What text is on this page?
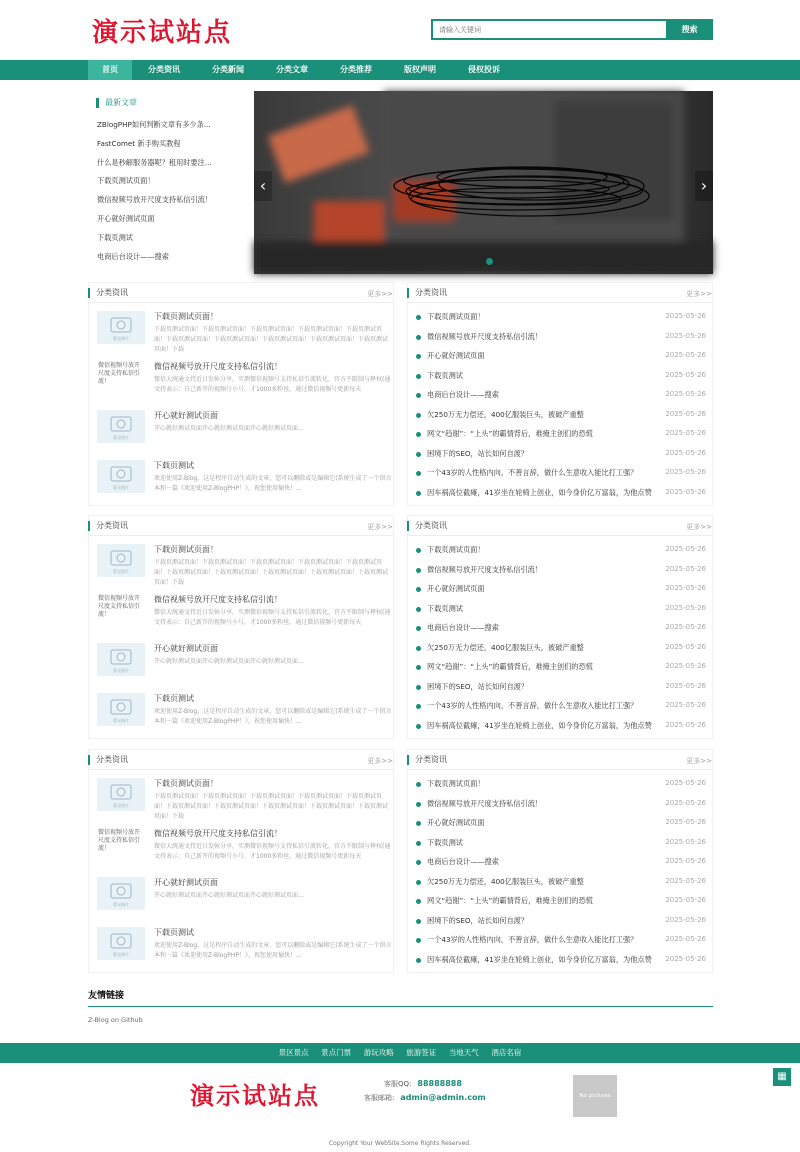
演示试站点
请输入关键词	搜索
首页	分类资讯	分类新闻	分类文章	分类推荐	版权声明	侵权投诉
最新文章
ZBlogPHP如何判断文章有多少条...
FastComet 新手购买教程
什么是秒解服务器呢？租用时要注...
下载页测试页面！
微信视频号放开尺度支持私信引流！
开心就好测试页面
下载页测试
电商后台设计——搜索
‹	›
分类资讯	更多>>
暂无图片
下载页测试页面！

下载页测试页面！下载页测试页面！下载页测试页面！下载页测试页面！下载页测试页面！下载页测试页面！下载页测试页面！下载页测试页面！下载页测试页面！下载页测试页面！下载

微信视频号放开尺度支持私信引流！
微信视频号放开尺度支持私信引流！

微信大统通文持近日发帖分享，实测微信视频号支持私信引流转化，官方不限制与释权(通文持表示：自己新开的视频号小号，才1000多粉丝，通过微信视频号更新每天

暂无图片
开心就好测试页面

开心就好测试页面开心就好测试页面开心就好测试页面...

暂无图片
下载页测试

欢迎使用Z-Blog，这是程序自动生成的文章，您可以删除或是编辑它(系统生成了一个留言本和一篇《欢迎使用Z-BlogPHP！》，祝您使用愉快！...

分类资讯	更多>>
下载页测试页面！	2025-05-26
微信视频号放开尺度支持私信引流！	2025-05-26
开心就好测试页面	2025-05-26
下载页测试	2025-05-26
电商后台设计——搜索	2025-05-26
欠250万无力偿还，400亿服装巨头，被破产重整	2025-05-26
网文“趋谢”：“上头”的霸情背后，难掩主创们的恐慌	2025-05-26
困境下的SEO，站长如何自渡？	2025-05-26
一个43岁的人性格内向，不善言辞，做什么生意收入能比打工强？	2025-05-26
因车祸高位截瘫，41岁坐在轮椅上创业，如今身价亿万富翁，为他点赞 2025-05-26
分类资讯	更多>>
暂无图片
下载页测试页面！

下载页测试页面！下载页测试页面！下载页测试页面！下载页测试页面！下载页测试页面！下载页测试页面！下载页测试页面！下载页测试页面！下载页测试页面！下载页测试页面！下载

微信视频号放开尺度支持私信引流！
微信视频号放开尺度支持私信引流！

微信大统通文持近日发帖分享，实测微信视频号支持私信引流转化，官方不限制与释权(通文持表示：自己新开的视频号小号，才1000多粉丝，通过微信视频号更新每天

暂无图片
开心就好测试页面

开心就好测试页面开心就好测试页面开心就好测试页面...

暂无图片
下载页测试

欢迎使用Z-Blog，这是程序自动生成的文章，您可以删除或是编辑它(系统生成了一个留言本和一篇《欢迎使用Z-BlogPHP！》，祝您使用愉快！...

分类资讯	更多>>
下载页测试页面！	2025-05-26
微信视频号放开尺度支持私信引流！	2025-05-26
开心就好测试页面	2025-05-26
下载页测试	2025-05-26
电商后台设计——搜索	2025-05-26
欠250万无力偿还，400亿服装巨头，被破产重整	2025-05-26
网文“趋谢”：“上头”的霸情背后，难掩主创们的恐慌	2025-05-26
困境下的SEO，站长如何自渡？	2025-05-26
一个43岁的人性格内向，不善言辞，做什么生意收入能比打工强？	2025-05-26
因车祸高位截瘫，41岁坐在轮椅上创业，如今身价亿万富翁，为他点赞 2025-05-26
分类资讯	更多>>
暂无图片
下载页测试页面！

下载页测试页面！下载页测试页面！下载页测试页面！下载页测试页面！下载页测试页面！下载页测试页面！下载页测试页面！下载页测试页面！下载页测试页面！下载页测试页面！下载

微信视频号放开尺度支持私信引流！
微信视频号放开尺度支持私信引流！

微信大统通文持近日发帖分享，实测微信视频号支持私信引流转化，官方不限制与释权(通文持表示：自己新开的视频号小号，才1000多粉丝，通过微信视频号更新每天

暂无图片
开心就好测试页面

开心就好测试页面开心就好测试页面开心就好测试页面...

暂无图片
下载页测试

欢迎使用Z-Blog，这是程序自动生成的文章，您可以删除或是编辑它(系统生成了一个留言本和一篇《欢迎使用Z-BlogPHP！》，祝您使用愉快！...

分类资讯	更多>>
下载页测试页面！	2025-05-26
微信视频号放开尺度支持私信引流！	2025-05-26
开心就好测试页面	2025-05-26
下载页测试	2025-05-26
电商后台设计——搜索	2025-05-26
欠250万无力偿还，400亿服装巨头，被破产重整	2025-05-26
网文“趋谢”：“上头”的霸情背后，难掩主创们的恐慌	2025-05-26
困境下的SEO，站长如何自渡？	2025-05-26
一个43岁的人性格内向，不善言辞，做什么生意收入能比打工强？	2025-05-26
因车祸高位截瘫，41岁坐在轮椅上创业，如今身价亿万富翁，为他点赞 2025-05-26
友情链接

Z-Blog on Github

景区景点 景点门票 游玩攻略 旅游签证 当地天气 酒店名宿
演示试站点	客服QQ: 88888888
客服邮箱: admin@admin.com	No pictures
▦
Copyright Your WebSite.Some Rights Reserved.
